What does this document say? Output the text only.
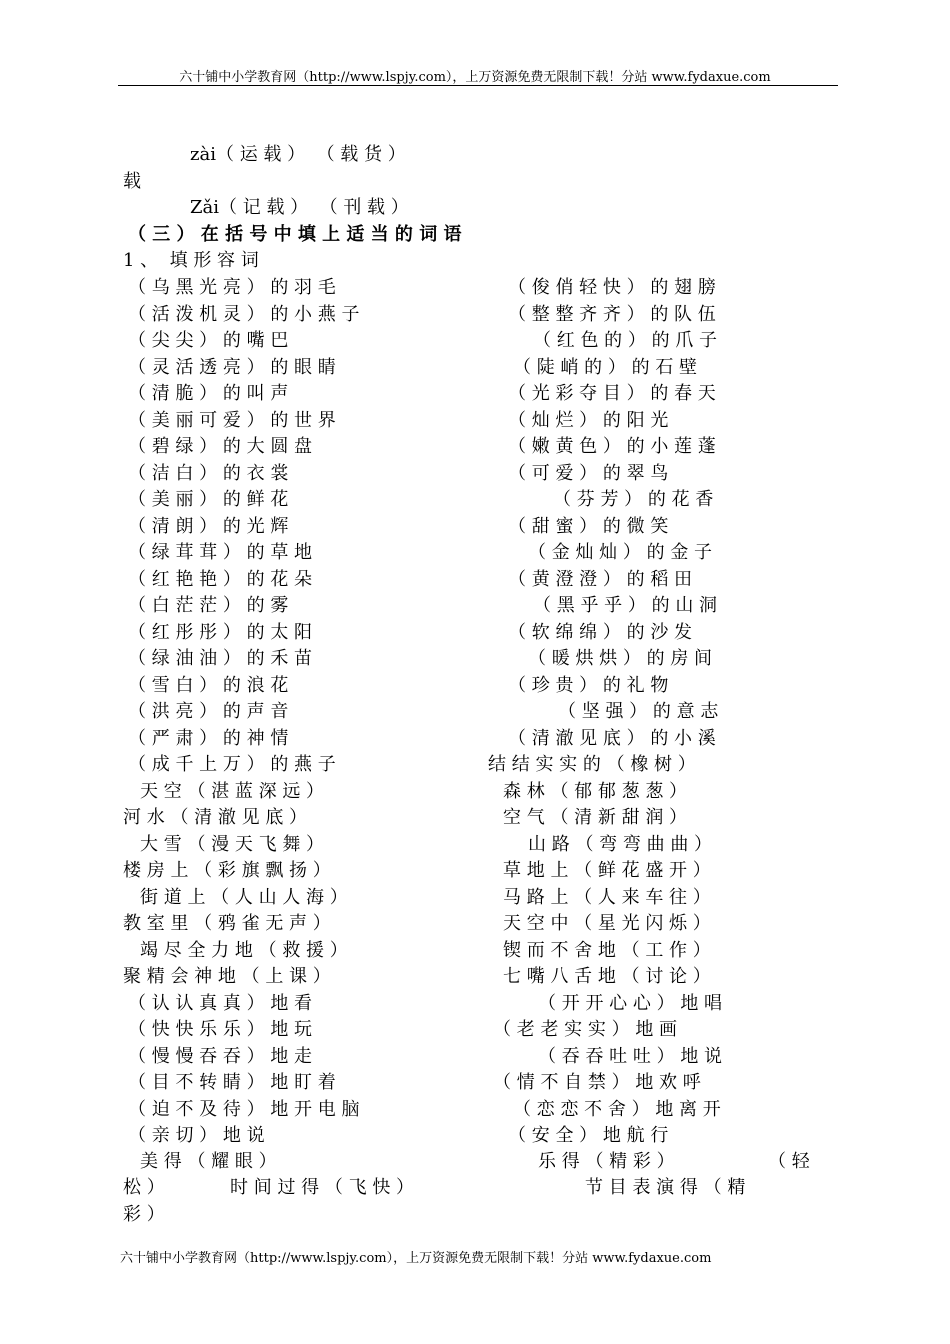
六十铺中小学教育网（http://www.lspjy.com），上万资源免费无限制下载！分站 www.fydaxue.com
zài（ 运 载 ）  （ 载 货 ）
载
Zǎi（ 记 载 ）  （ 刊 载 ）
（ 三 ） 在 括 号 中 填 上 适 当 的 词 语
1 、  填 形 容 词
（ 乌 黑 光 亮 ） 的 羽 毛	（ 俊 俏 轻 快 ） 的 翅 膀
（ 活 泼 机 灵 ） 的 小 燕 子	（ 整 整 齐 齐 ） 的 队 伍
（ 尖 尖 ） 的 嘴 巴	（ 红 色 的 ） 的 爪 子
（ 灵 活 透 亮 ） 的 眼 睛	（ 陡 峭 的 ） 的 石 壁
（ 清 脆 ） 的 叫 声	（ 光 彩 夺 目 ） 的 春 天
（ 美 丽 可 爱 ） 的 世 界	（ 灿 烂 ） 的 阳 光
（ 碧 绿 ） 的 大 圆 盘	（ 嫩 黄 色 ） 的 小 莲 蓬
（ 洁 白 ） 的 衣 裳	（ 可 爱 ） 的 翠 鸟
（ 美 丽 ） 的 鲜 花	（ 芬 芳 ） 的 花 香
（ 清 朗 ） 的 光 辉	（ 甜 蜜 ） 的 微 笑
（ 绿 茸 茸 ） 的 草 地	（ 金 灿 灿 ） 的 金 子
（ 红 艳 艳 ） 的 花 朵	（ 黄 澄 澄 ） 的 稻 田
（ 白 茫 茫 ） 的 雾	（ 黑 乎 乎 ） 的 山 洞
（ 红 彤 彤 ） 的 太 阳	（ 软 绵 绵 ） 的 沙 发
（ 绿 油 油 ） 的 禾 苗	（ 暖 烘 烘 ） 的 房 间
（ 雪 白 ） 的 浪 花	（ 珍 贵 ） 的 礼 物
（ 洪 亮 ） 的 声 音	（ 坚 强 ） 的 意 志
（ 严 肃 ） 的 神 情	（ 清 澈 见 底 ） 的 小 溪
（ 成 千 上 万 ） 的 燕 子	结 结 实 实 的 （ 橡 树 ）
天 空 （ 湛 蓝 深 远 ）	森 林 （ 郁 郁 葱 葱 ）
河 水 （ 清 澈 见 底 ）	空 气 （ 清 新 甜 润 ）
大 雪 （ 漫 天 飞 舞 ）	山 路 （ 弯 弯 曲 曲 ）
楼 房 上 （ 彩 旗 飘 扬 ）	草 地 上 （ 鲜 花 盛 开 ）
街 道 上 （ 人 山 人 海 ）	马 路 上 （ 人 来 车 往 ）
教 室 里 （ 鸦 雀 无 声 ）	天 空 中 （ 星 光 闪 烁 ）
竭 尽 全 力 地 （ 救 援 ）	锲 而 不 舍 地 （ 工 作 ）
聚 精 会 神 地 （ 上 课 ）	七 嘴 八 舌 地 （ 讨 论 ）
（ 认 认 真 真 ） 地 看	（ 开 开 心 心 ） 地 唱
（ 快 快 乐 乐 ） 地 玩	（ 老 老 实 实 ） 地 画
（ 慢 慢 吞 吞 ） 地 走	（ 吞 吞 吐 吐 ） 地 说
（ 目 不 转 睛 ） 地 盯 着	（ 情 不 自 禁 ） 地 欢 呼
（ 迫 不 及 待 ） 地 开 电 脑	（ 恋 恋 不 舍 ） 地 离 开
（ 亲 切 ） 地 说	（ 安 全 ） 地 航 行
美 得 （ 耀 眼 ）	乐 得 （ 精 彩 ）	（ 轻
松 ）	时 间 过 得 （ 飞 快 ）	节 目 表 演 得 （ 精
彩 ）
六十铺中小学教育网（http://www.lspjy.com），上万资源免费无限制下载！分站 www.fydaxue.com
